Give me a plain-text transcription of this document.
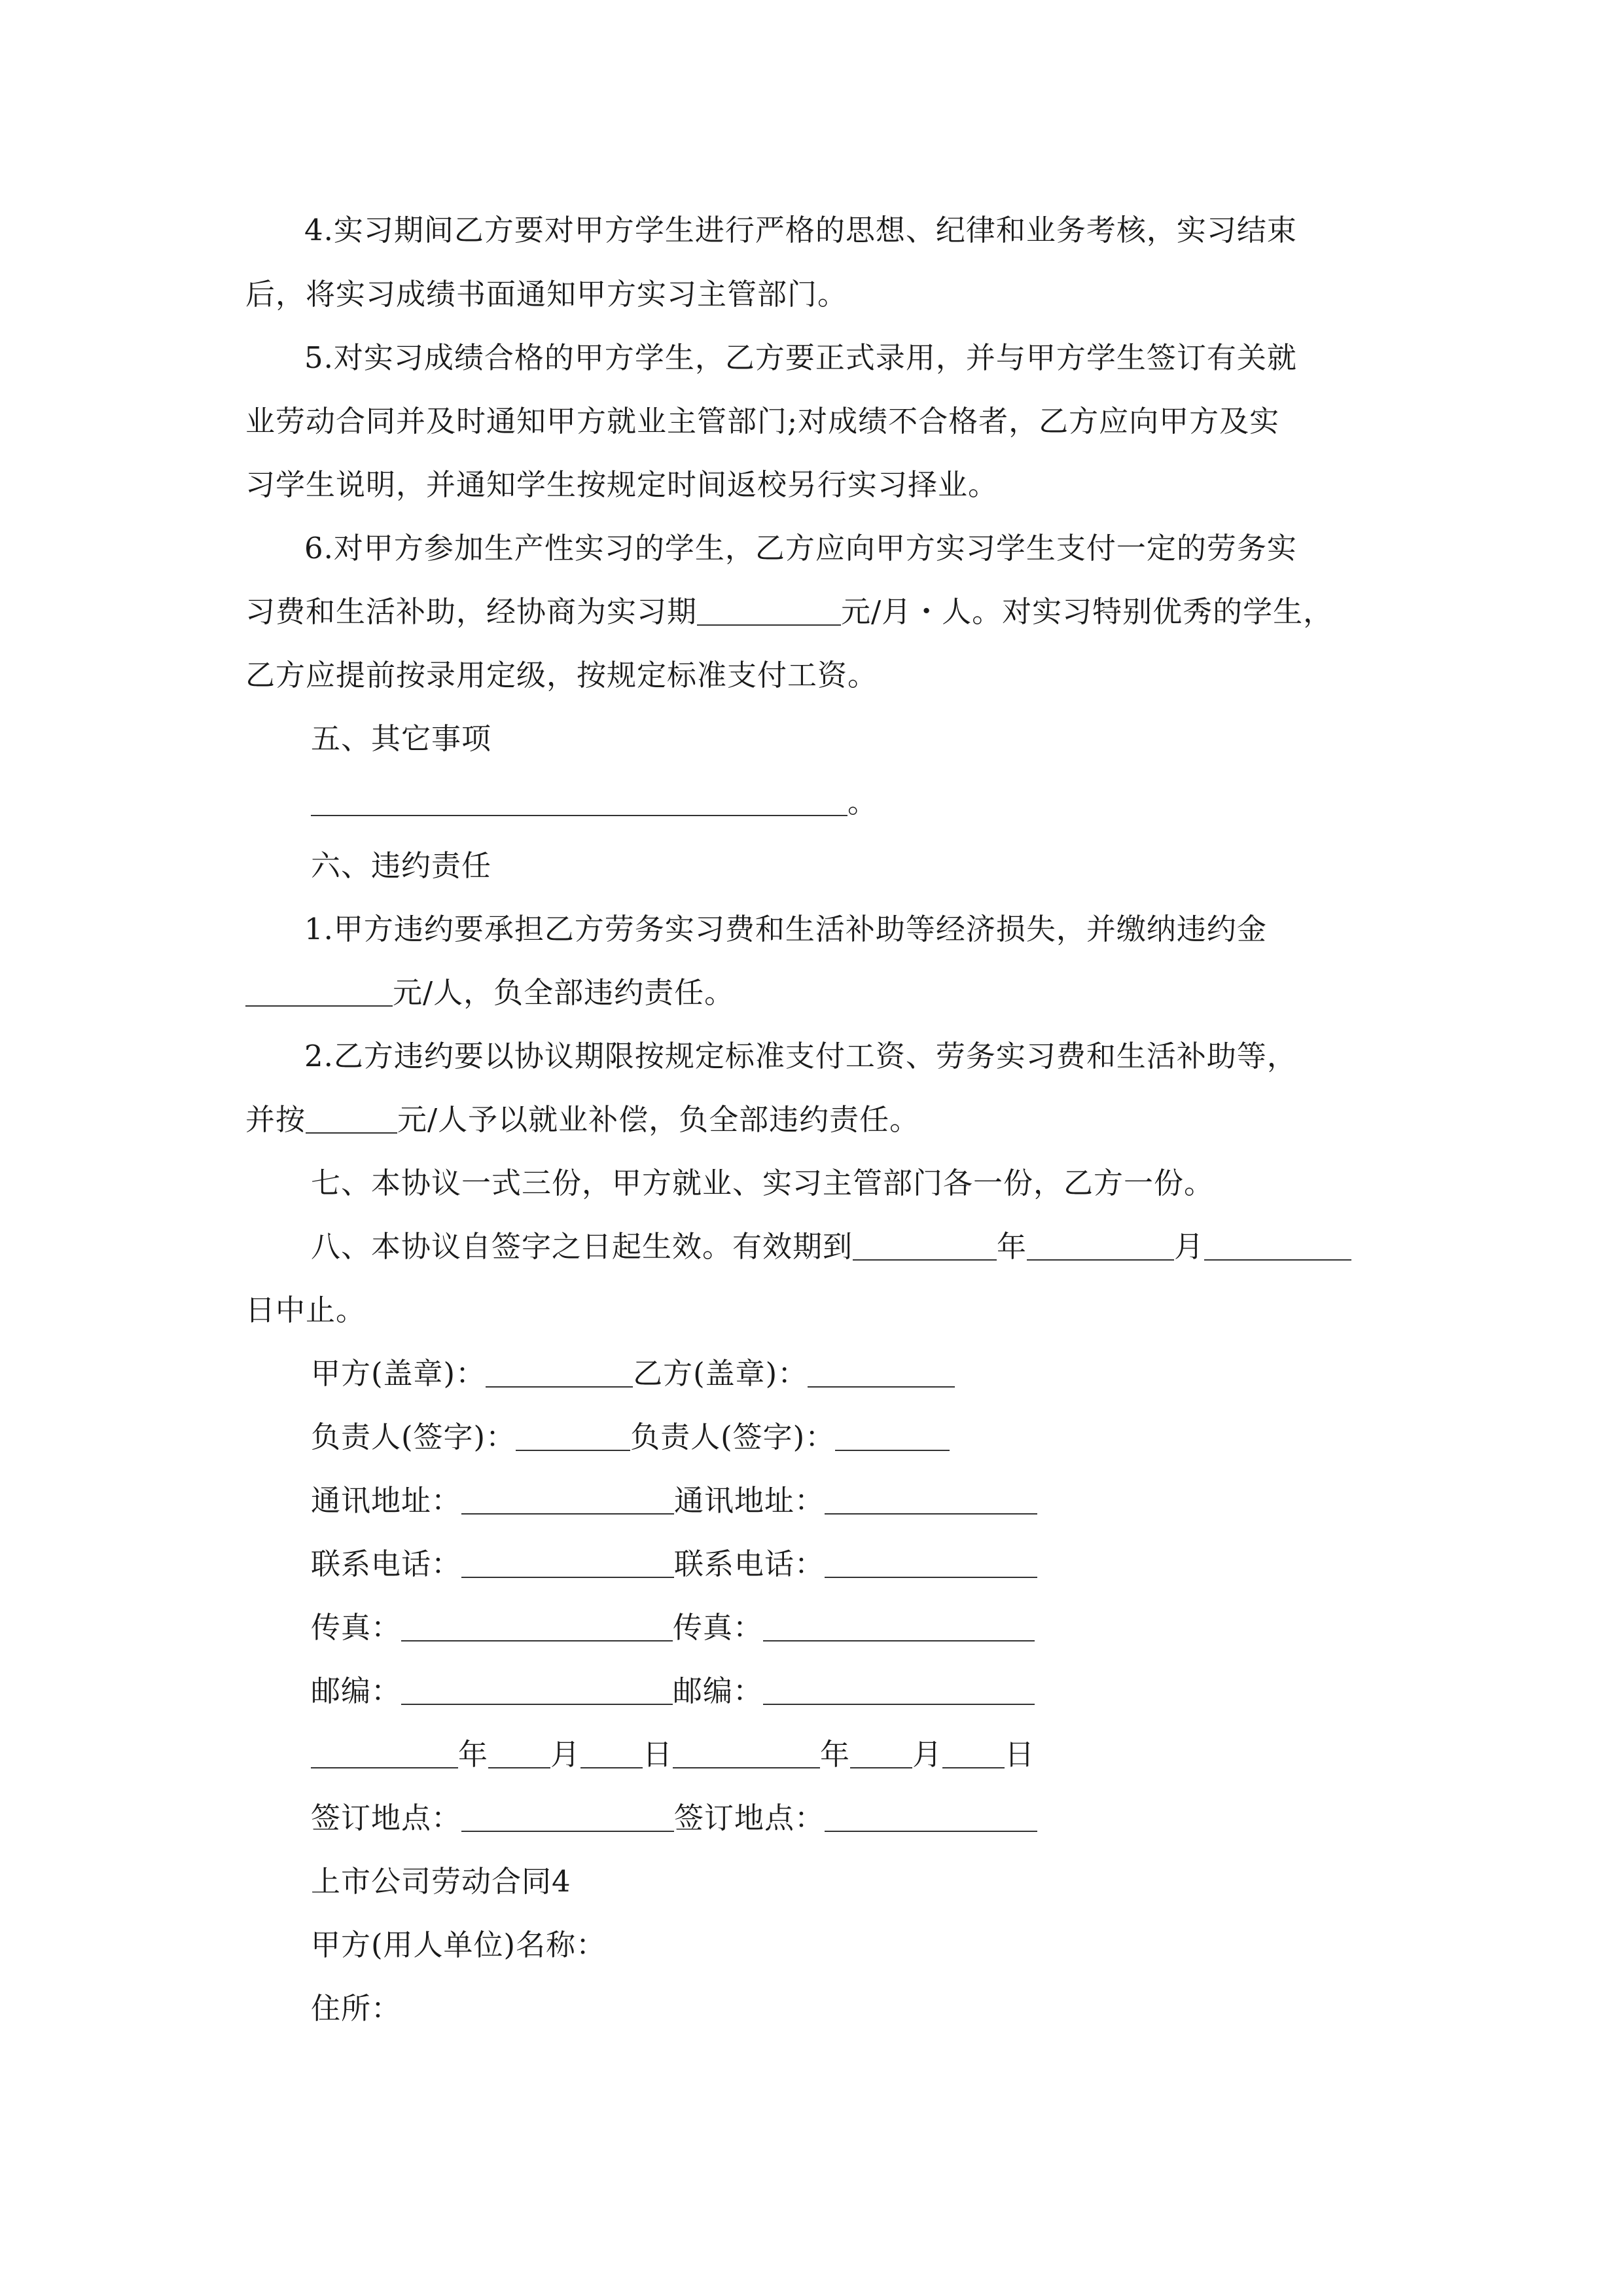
4.实习期间乙方要对甲方学生进行严格的思想、纪律和业务考核，实习结束
后，将实习成绩书面通知甲方实习主管部门。
5.对实习成绩合格的甲方学生，乙方要正式录用，并与甲方学生签订有关就
业劳动合同并及时通知甲方就业主管部门;对成绩不合格者，乙方应向甲方及实
习学生说明，并通知学生按规定时间返校另行实习择业。
6.对甲方参加生产性实习的学生，乙方应向甲方实习学生支付一定的劳务实
习费和生活补助，经协商为实习期	元/月・人。对实习特别优秀的学生，
乙方应提前按录用定级，按规定标准支付工资。
五、其它事项
。
六、违约责任
1.甲方违约要承担乙方劳务实习费和生活补助等经济损失，并缴纳违约金
元/人，负全部违约责任。
2.乙方违约要以协议期限按规定标准支付工资、劳务实习费和生活补助等，
并按	元/人予以就业补偿，负全部违约责任。
七、本协议一式三份，甲方就业、实习主管部门各一份，乙方一份。
八、本协议自签字之日起生效。有效期到	年	月
日中止。
甲方(盖章)：	乙方(盖章)：
负责人(签字)：	负责人(签字)：
通讯地址：	通讯地址：
联系电话：	联系电话：
传真：	传真：
邮编：	邮编：
年 月 日	年 月 日
签订地点：	签订地点：
上市公司劳动合同4
甲方(用人单位)名称：
住所：
